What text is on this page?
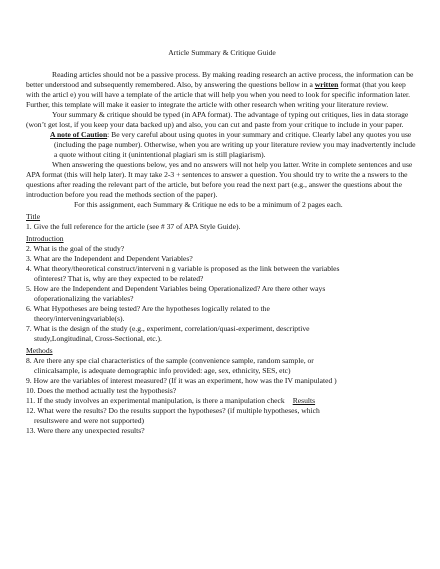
Article Summary & Critique Guide
Reading articles should not be a passive process. By making reading research an active process, the information can be better understood and subsequently remembered. Also, by answering the questions bellow in a written format (that you keep with the articl e) you will have a template of the article that will help you when you need to look for specific information later. Further, this template will make it easier to integrate the article with other research when writing your literature review.
Your summary & critique should be typed (in APA format). The advantage of typing out critiques, lies in data storage (won’t get lost, if you keep your data backed up) and also, you can cut and paste from your critique to include in your paper.
A note of Caution: Be very careful about using quotes in your summary and critique. Clearly label any quotes you use (including the page number). Otherwise, when you are writing up your literature review you may inadvertently include a quote without citing it (unintentional plagiari sm is still plagiarism).
When answering the questions below, yes and no answers will not help you latter. Write in complete sentences and use APA format (this will help later). It may take 2-3 + sentences to answer a question. You should try to write the a nswers to the questions after reading the relevant part of the article, but before you read the next part (e.g., answer the questions about the introduction before you read the methods section of the paper).
For this assignment, each Summary & Critique ne eds to be a minimum of 2 pages each.
Title
1. Give the full reference for the article (see # 37 of APA Style Guide).
Introduction
2. What is the goal of the study?
3. What are the Independent and Dependent Variables?
4. What theory/theoretical construct/interveni n g variable is proposed as the link between the variables
ofinterest? That is, why are they expected to be related?
5. How are the Independent and Dependent Variables being Operationalized? Are there other ways
ofoperationalizing the variables?
6. What Hypotheses are being tested? Are the hypotheses logically related to the
theory/interveningvariable(s).
7. What is the design of the study (e.g., experiment, correlation/quasi-experiment, descriptive
study,Longitudinal, Cross-Sectional, etc.).
Methods
8. Are there any spe cial characteristics of the sample (convenience sample, random sample, or
clinicalsample, is adequate demographic info provided: age, sex, ethnicity, SES, etc)
9. How are the variables of interest measured? (If it was an experiment, how was the IV manipulated )
10. Does the method actually test the hypothesis?
11. If the study involves an experimental manipulation, is there a manipulation check Results
12. What were the results? Do the results support the hypotheses? (if multiple hypotheses, which
resultswere and were not supported)
13. Were there any unexpected results?
